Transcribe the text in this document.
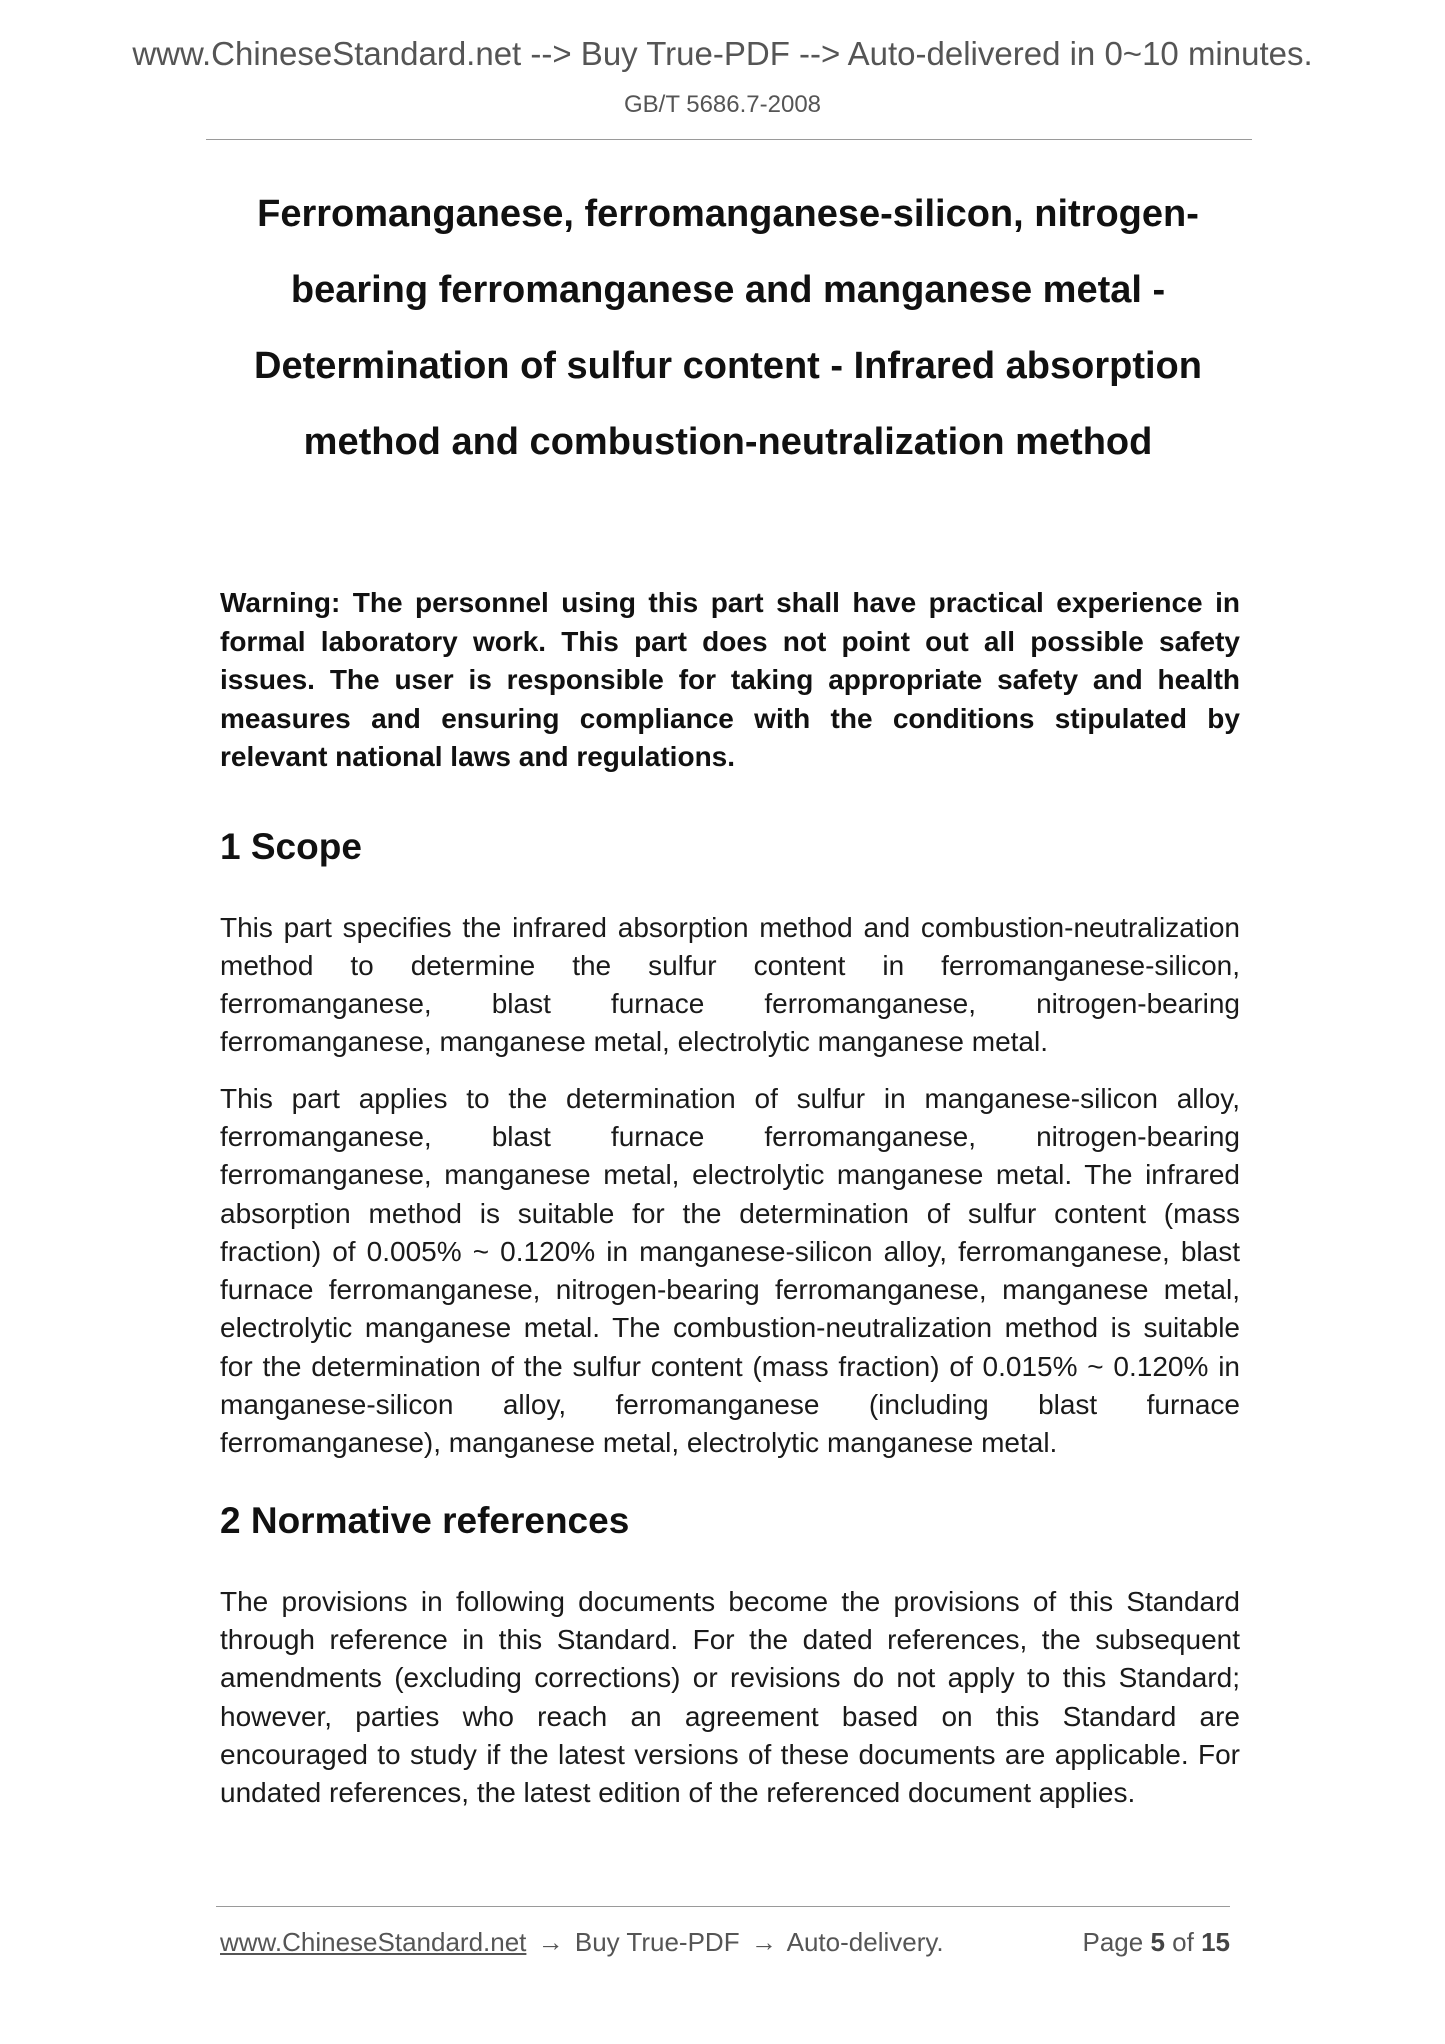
www.ChineseStandard.net --> Buy True-PDF --> Auto-delivered in 0~10 minutes.
GB/T 5686.7-2008
Ferromanganese, ferromanganese-silicon, nitrogen-
bearing ferromanganese and manganese metal -
Determination of sulfur content - Infrared absorption
method and combustion-neutralization method

Warning: The personnel using this part shall have practical experience in formal laboratory work. This part does not point out all possible safety issues. The user is responsible for taking appropriate safety and health measures and ensuring compliance with the conditions stipulated by relevant national laws and regulations.

1 Scope

This part specifies the infrared absorption method and combustion-neutralization method to determine the sulfur content in ferromanganese-silicon, ferromanganese, blast furnace ferromanganese, nitrogen-bearing ferromanganese, manganese metal, electrolytic manganese metal.

This part applies to the determination of sulfur in manganese-silicon alloy, ferromanganese, blast furnace ferromanganese, nitrogen-bearing ferromanganese, manganese metal, electrolytic manganese metal. The infrared absorption method is suitable for the determination of sulfur content (mass fraction) of 0.005% ~ 0.120% in manganese-silicon alloy, ferromanganese, blast furnace ferromanganese, nitrogen-bearing ferromanganese, manganese metal, electrolytic manganese metal. The combustion-neutralization method is suitable for the determination of the sulfur content (mass fraction) of 0.015% ~ 0.120% in manganese-silicon alloy, ferromanganese (including blast furnace ferromanganese), manganese metal, electrolytic manganese metal.

2 Normative references

The provisions in following documents become the provisions of this Standard through reference in this Standard. For the dated references, the subsequent amendments (excluding corrections) or revisions do not apply to this Standard; however, parties who reach an agreement based on this Standard are encouraged to study if the latest versions of these documents are applicable. For undated references, the latest edition of the referenced document applies.

www.ChineseStandard.net → Buy True-PDF → Auto-delivery.	Page 5 of 15
